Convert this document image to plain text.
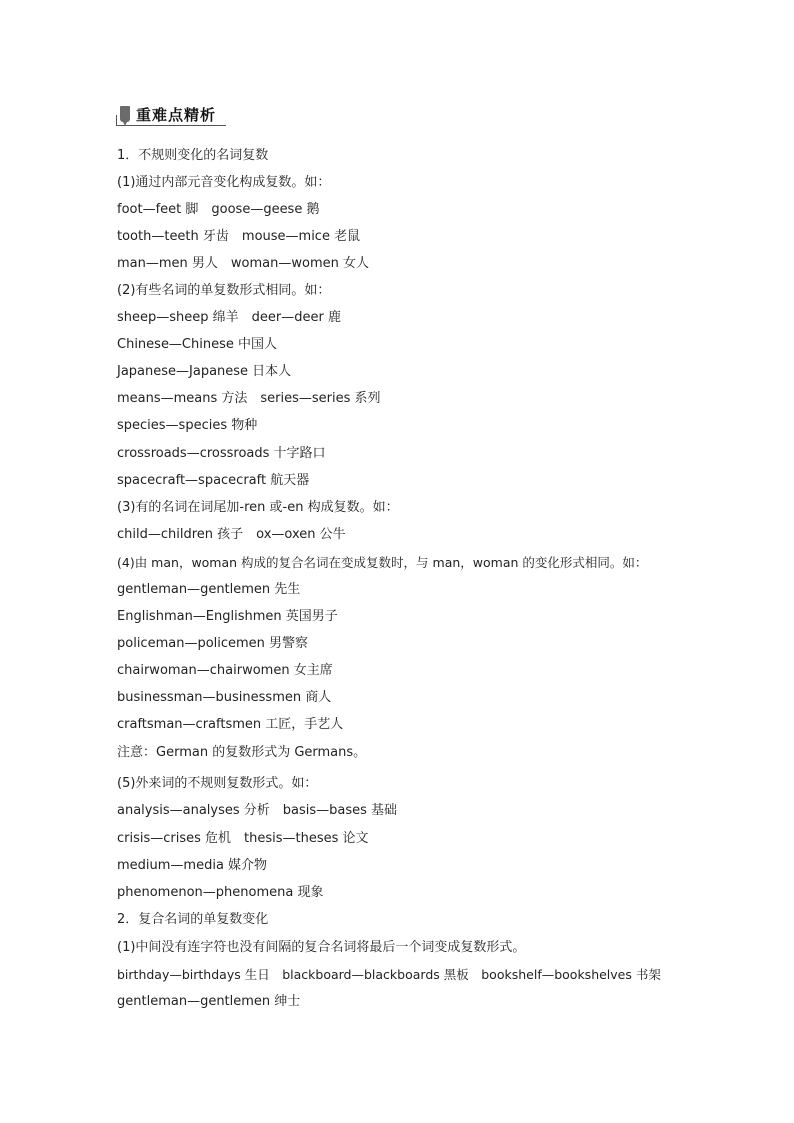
重难点精析
1．不规则变化的名词复数
(1)通过内部元音变化构成复数。如：
foot—feet 脚　goose—geese 鹅
tooth—teeth 牙齿　mouse—mice 老鼠
man—men 男人　woman—women 女人
(2)有些名词的单复数形式相同。如：
sheep—sheep 绵羊　deer—deer 鹿
Chinese—Chinese 中国人
Japanese—Japanese 日本人
means—means 方法　series—series 系列
species—species 物种
crossroads—crossroads 十字路口
spacecraft—spacecraft 航天器
(3)有的名词在词尾加-ren 或-en 构成复数。如：
child—children 孩子　ox—oxen 公牛
(4)由 man，woman 构成的复合名词在变成复数时，与 man，woman 的变化形式相同。如：
gentleman—gentlemen 先生
Englishman—Englishmen 英国男子
policeman—policemen 男警察
chairwoman—chairwomen 女主席
businessman—businessmen 商人
craftsman—craftsmen 工匠，手艺人
注意：German 的复数形式为 Germans。
(5)外来词的不规则复数形式。如：
analysis—analyses 分析　basis—bases 基础
crisis—crises 危机　thesis—theses 论文
medium—media 媒介物
phenomenon—phenomena 现象
2．复合名词的单复数变化
(1)中间没有连字符也没有间隔的复合名词将最后一个词变成复数形式。
birthday—birthdays 生日　blackboard—blackboards 黑板　bookshelf—bookshelves 书架
gentleman—gentlemen 绅士
